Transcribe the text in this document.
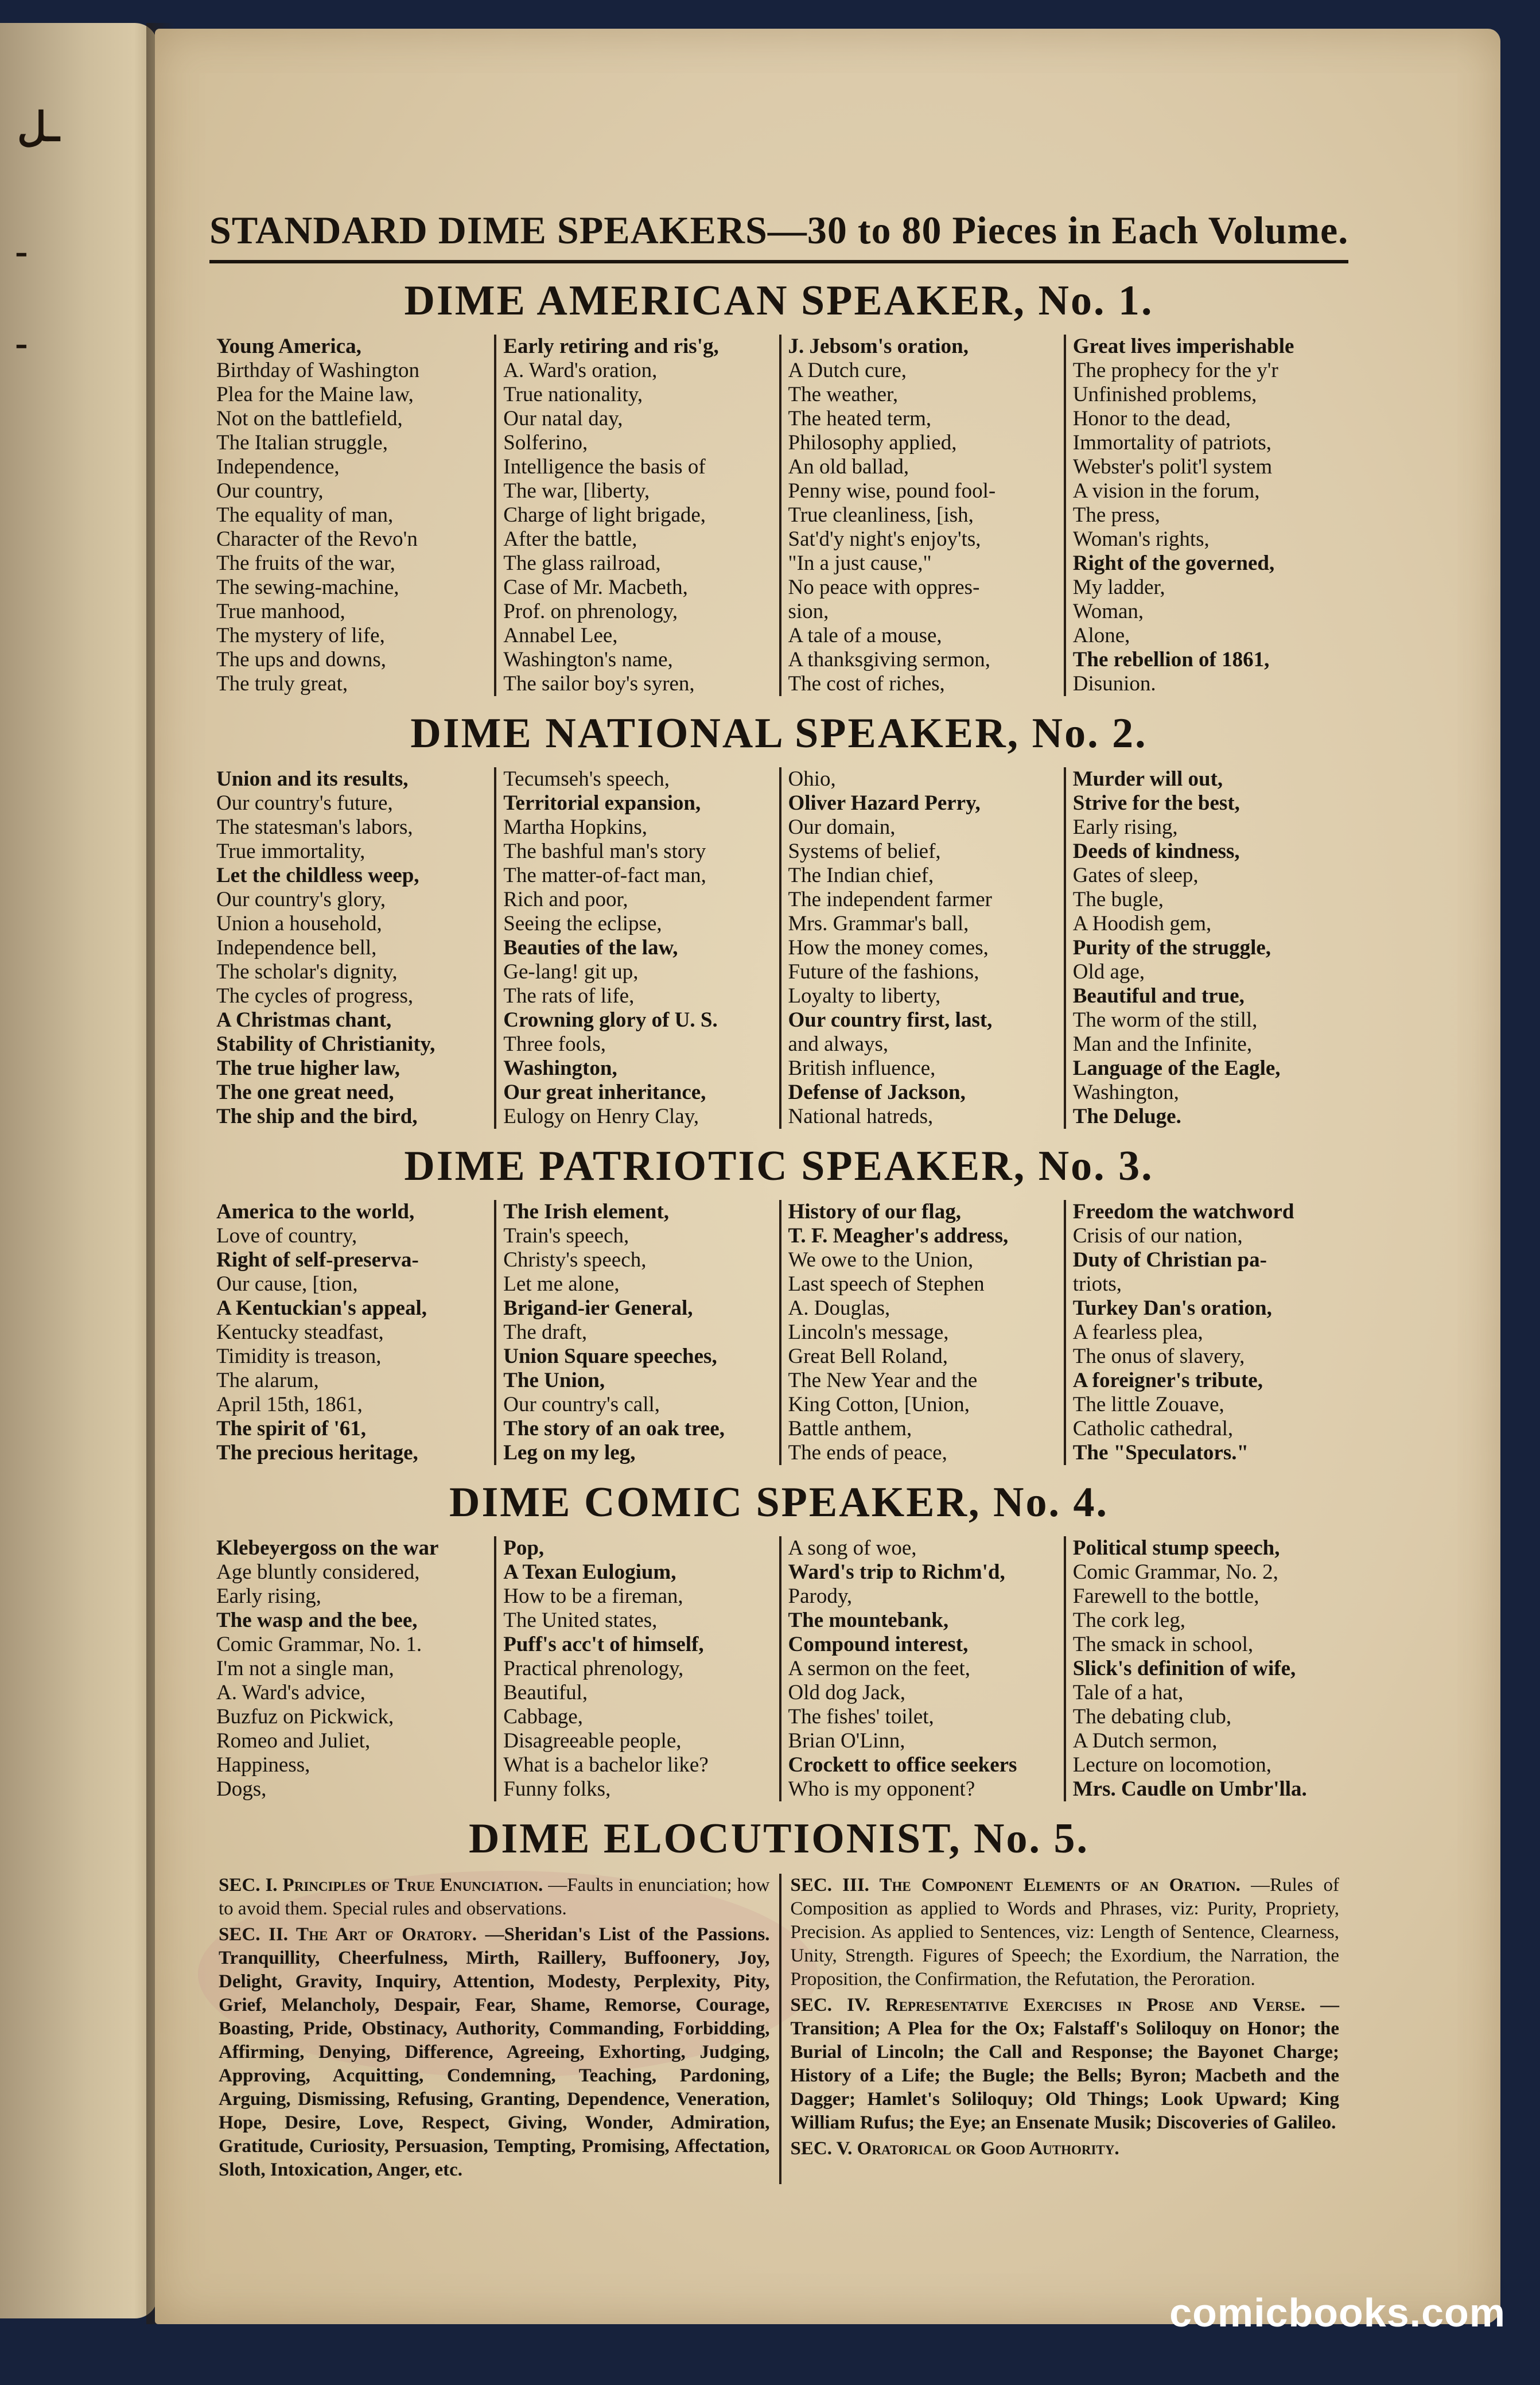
ـل
ـ
ـ
STANDARD DIME SPEAKERS—30 to 80 Pieces in Each Volume.
DIME AMERICAN SPEAKER, No. 1.
Young America,
Birthday of Washington
Plea for the Maine law,
Not on the battlefield,
The Italian struggle,
Independence,
Our country,
The equality of man,
Character of the Revo'n
The fruits of the war,
The sewing-machine,
True manhood,
The mystery of life,
The ups and downs,
The truly great,
Early retiring and ris'g,
A. Ward's oration,
True nationality,
Our natal day,
Solferino,
Intelligence the basis of
The war, [liberty,
Charge of light brigade,
After the battle,
The glass railroad,
Case of Mr. Macbeth,
Prof. on phrenology,
Annabel Lee,
Washington's name,
The sailor boy's syren,
J. Jebsom's oration,
A Dutch cure,
The weather,
The heated term,
Philosophy applied,
An old ballad,
Penny wise, pound fool-
True cleanliness, [ish,
Sat'd'y night's enjoy'ts,
"In a just cause,"
No peace with oppres-
sion,
A tale of a mouse,
A thanksgiving sermon,
The cost of riches,
Great lives imperishable
The prophecy for the y'r
Unfinished problems,
Honor to the dead,
Immortality of patriots,
Webster's polit'l system
A vision in the forum,
The press,
Woman's rights,
Right of the governed,
My ladder,
Woman,
Alone,
The rebellion of 1861,
Disunion.
DIME NATIONAL SPEAKER, No. 2.
Union and its results,
Our country's future,
The statesman's labors,
True immortality,
Let the childless weep,
Our country's glory,
Union a household,
Independence bell,
The scholar's dignity,
The cycles of progress,
A Christmas chant,
Stability of Christianity,
The true higher law,
The one great need,
The ship and the bird,
Tecumseh's speech,
Territorial expansion,
Martha Hopkins,
The bashful man's story
The matter-of-fact man,
Rich and poor,
Seeing the eclipse,
Beauties of the law,
Ge-lang! git up,
The rats of life,
Crowning glory of U. S.
Three fools,
Washington,
Our great inheritance,
Eulogy on Henry Clay,
Ohio,
Oliver Hazard Perry,
Our domain,
Systems of belief,
The Indian chief,
The independent farmer
Mrs. Grammar's ball,
How the money comes,
Future of the fashions,
Loyalty to liberty,
Our country first, last,
and always,
British influence,
Defense of Jackson,
National hatreds,
Murder will out,
Strive for the best,
Early rising,
Deeds of kindness,
Gates of sleep,
The bugle,
A Hoodish gem,
Purity of the struggle,
Old age,
Beautiful and true,
The worm of the still,
Man and the Infinite,
Language of the Eagle,
Washington,
The Deluge.
DIME PATRIOTIC SPEAKER, No. 3.
America to the world,
Love of country,
Right of self-preserva-
Our cause, [tion,
A Kentuckian's appeal,
Kentucky steadfast,
Timidity is treason,
The alarum,
April 15th, 1861,
The spirit of '61,
The precious heritage,
The Irish element,
Train's speech,
Christy's speech,
Let me alone,
Brigand-ier General,
The draft,
Union Square speeches,
The Union,
Our country's call,
The story of an oak tree,
Leg on my leg,
History of our flag,
T. F. Meagher's address,
We owe to the Union,
Last speech of Stephen
A. Douglas,
Lincoln's message,
Great Bell Roland,
The New Year and the
King Cotton, [Union,
Battle anthem,
The ends of peace,
Freedom the watchword
Crisis of our nation,
Duty of Christian pa-
triots,
Turkey Dan's oration,
A fearless plea,
The onus of slavery,
A foreigner's tribute,
The little Zouave,
Catholic cathedral,
The "Speculators."
DIME COMIC SPEAKER, No. 4.
Klebeyergoss on the war
Age bluntly considered,
Early rising,
The wasp and the bee,
Comic Grammar, No. 1.
I'm not a single man,
A. Ward's advice,
Buzfuz on Pickwick,
Romeo and Juliet,
Happiness,
Dogs,
Pop,
A Texan Eulogium,
How to be a fireman,
The United states,
Puff's acc't of himself,
Practical phrenology,
Beautiful,
Cabbage,
Disagreeable people,
What is a bachelor like?
Funny folks,
A song of woe,
Ward's trip to Richm'd,
Parody,
The mountebank,
Compound interest,
A sermon on the feet,
Old dog Jack,
The fishes' toilet,
Brian O'Linn,
Crockett to office seekers
Who is my opponent?
Political stump speech,
Comic Grammar, No. 2,
Farewell to the bottle,
The cork leg,
The smack in school,
Slick's definition of wife,
Tale of a hat,
The debating club,
A Dutch sermon,
Lecture on locomotion,
Mrs. Caudle on Umbr'lla.
DIME ELOCUTIONIST, No. 5.

SEC. I. Principles of True Enunciation. —Faults in enunciation; how to avoid them. Special rules and observations.

SEC. II. The Art of Oratory. —Sheridan's List of the Passions. Tranquillity, Cheerfulness, Mirth, Raillery, Buffoonery, Joy, Delight, Gravity, Inquiry, Attention, Modesty, Perplexity, Pity, Grief, Melancholy, Despair, Fear, Shame, Remorse, Courage, Boasting, Pride, Obstinacy, Authority, Commanding, Forbidding, Affirming, Denying, Difference, Agreeing, Exhorting, Judging, Approving, Acquitting, Condemning, Teaching, Pardoning, Arguing, Dismissing, Refusing, Granting, Dependence, Veneration, Hope, Desire, Love, Respect, Giving, Wonder, Admiration, Gratitude, Curiosity, Persuasion, Tempting, Promising, Affectation, Sloth, Intoxication, Anger, etc.

SEC. III. The Component Elements of an Oration. —Rules of Composition as applied to Words and Phrases, viz: Purity, Propriety, Precision. As applied to Sentences, viz: Length of Sentence, Clearness, Unity, Strength. Figures of Speech; the Exordium, the Narration, the Proposition, the Confirmation, the Refutation, the Peroration.

SEC. IV. Representative Exercises in Prose and Verse. —Transition; A Plea for the Ox; Falstaff's Soliloquy on Honor; the Burial of Lincoln; the Call and Response; the Bayonet Charge; History of a Life; the Bugle; the Bells; Byron; Macbeth and the Dagger; Hamlet's Soliloquy; Old Things; Look Upward; King William Rufus; the Eye; an Ensenate Musik; Discoveries of Galileo.

SEC. V. Oratorical or Good Authority.

comicbooks.com
